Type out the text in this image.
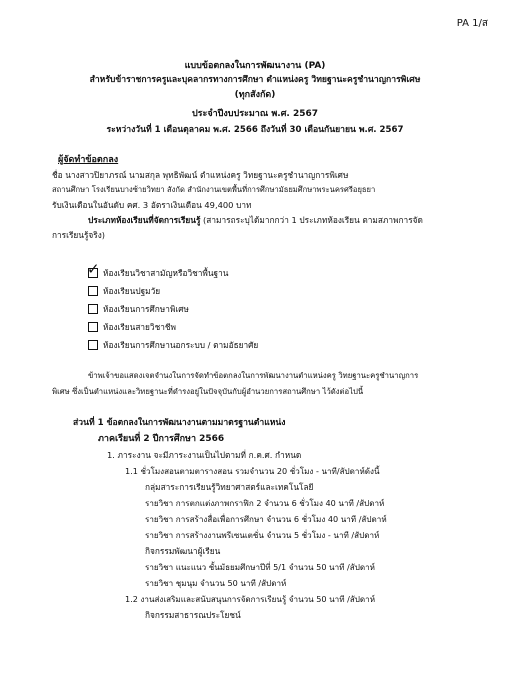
PA 1/ส
แบบข้อตกลงในการพัฒนางาน (PA)
สำหรับข้าราชการครูและบุคลากรทางการศึกษา ตำแหน่งครู วิทยฐานะครูชำนาญการพิเศษ
(ทุกสังกัด)
ประจำปีงบประมาณ พ.ศ. 2567
ระหว่างวันที่ 1 เดือนตุลาคม พ.ศ. 2566 ถึงวันที่ 30 เดือนกันยายน พ.ศ. 2567
ผู้จัดทำข้อตกลง
ชื่อ นางสาวปิยาภรณ์ นามสกุล พุทธิพัฒน์ ตำแหน่งครู วิทยฐานะครูชำนาญการพิเศษ
สถานศึกษา โรงเรียนบางซ้ายวิทยา สังกัด สำนักงานเขตพื้นที่การศึกษามัธยมศึกษาพระนครศรีอยุธยา
รับเงินเดือนในอันดับ คศ. 3 อัตราเงินเดือน 49,400 บาท
ประเภทห้องเรียนที่จัดการเรียนรู้ (สามารถระบุได้มากกว่า 1 ประเภทห้องเรียน ตามสภาพการจัด
การเรียนรู้จริง)
✓ ห้องเรียนวิชาสามัญหรือวิชาพื้นฐาน
ห้องเรียนปฐมวัย
ห้องเรียนการศึกษาพิเศษ
ห้องเรียนสายวิชาชีพ
ห้องเรียนการศึกษานอกระบบ / ตามอัธยาศัย
ข้าพเจ้าขอแสดงเจตจำนงในการจัดทำข้อตกลงในการพัฒนางานตำแหน่งครู วิทยฐานะครูชำนาญการ
พิเศษ ซึ่งเป็นตำแหน่งและวิทยฐานะที่ดำรงอยู่ในปัจจุบันกับผู้อำนวยการสถานศึกษา ไว้ดังต่อไปนี้
ส่วนที่ 1 ข้อตกลงในการพัฒนางานตามมาตรฐานตำแหน่ง
ภาคเรียนที่ 2 ปีการศึกษา 2566
1. ภาระงาน จะมีภาระงานเป็นไปตามที่ ก.ค.ศ. กำหนด
1.1 ชั่วโมงสอนตามตารางสอน รวมจำนวน 20 ชั่วโมง - นาที/สัปดาห์ดังนี้
กลุ่มสาระการเรียนรู้วิทยาศาสตร์และเทคโนโลยี
รายวิชา การตกแต่งภาพกราฟิก 2 จำนวน 6 ชั่วโมง 40 นาที /สัปดาห์
รายวิชา การสร้างสื่อเพื่อการศึกษา จำนวน 6 ชั่วโมง 40 นาที /สัปดาห์
รายวิชา การสร้างงานพรีเซนเตชั่น จำนวน 5 ชั่วโมง - นาที /สัปดาห์
กิจกรรมพัฒนาผู้เรียน
รายวิชา แนะแนว ชั้นมัธยมศึกษาปีที่ 5/1 จำนวน 50 นาที /สัปดาห์
รายวิชา ชุมนุม จำนวน 50 นาที /สัปดาห์
1.2 งานส่งเสริมและสนับสนุนการจัดการเรียนรู้ จำนวน 50 นาที /สัปดาห์
กิจกรรมสาธารณประโยชน์
